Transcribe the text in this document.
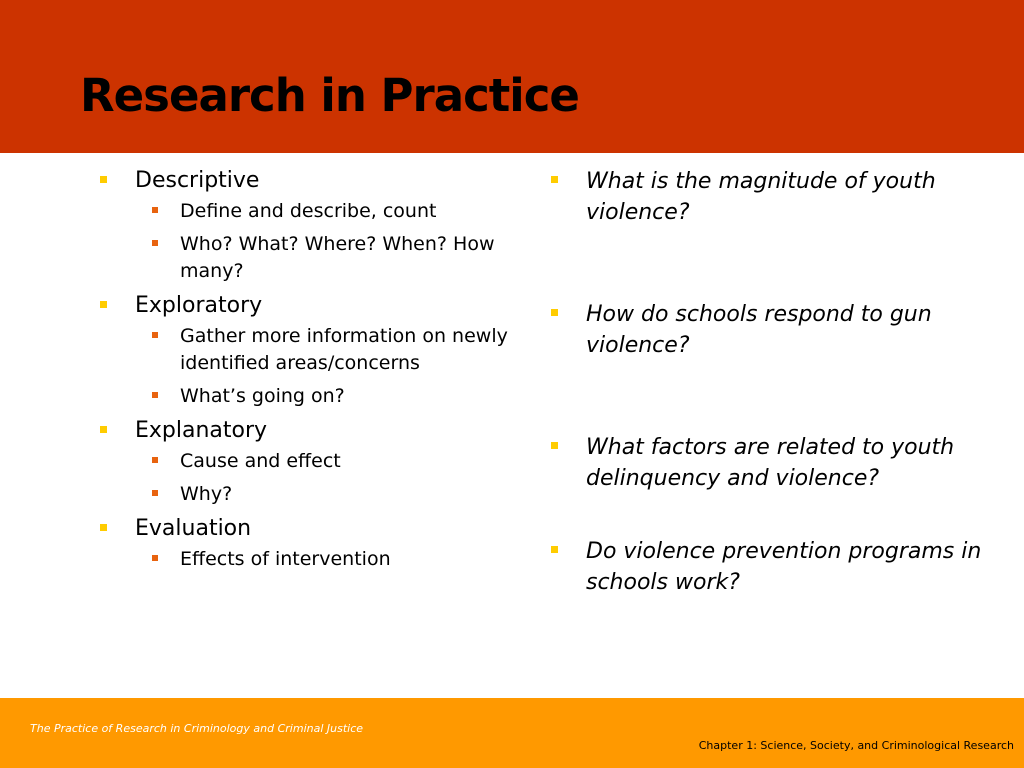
Research in Practice
Descriptive
Define and describe, count
Who? What? Where? When? How many?
Exploratory
Gather more information on newly identified areas/concerns
What’s going on?
Explanatory
Cause and effect
Why?
Evaluation
Effects of intervention
What is the magnitude of youth violence?
How do schools respond to gun violence?
What factors are related to youth delinquency and violence?
Do violence prevention programs in schools work?
The Practice of Research in Criminology and Criminal Justice
Chapter 1: Science, Society, and Criminological Research
